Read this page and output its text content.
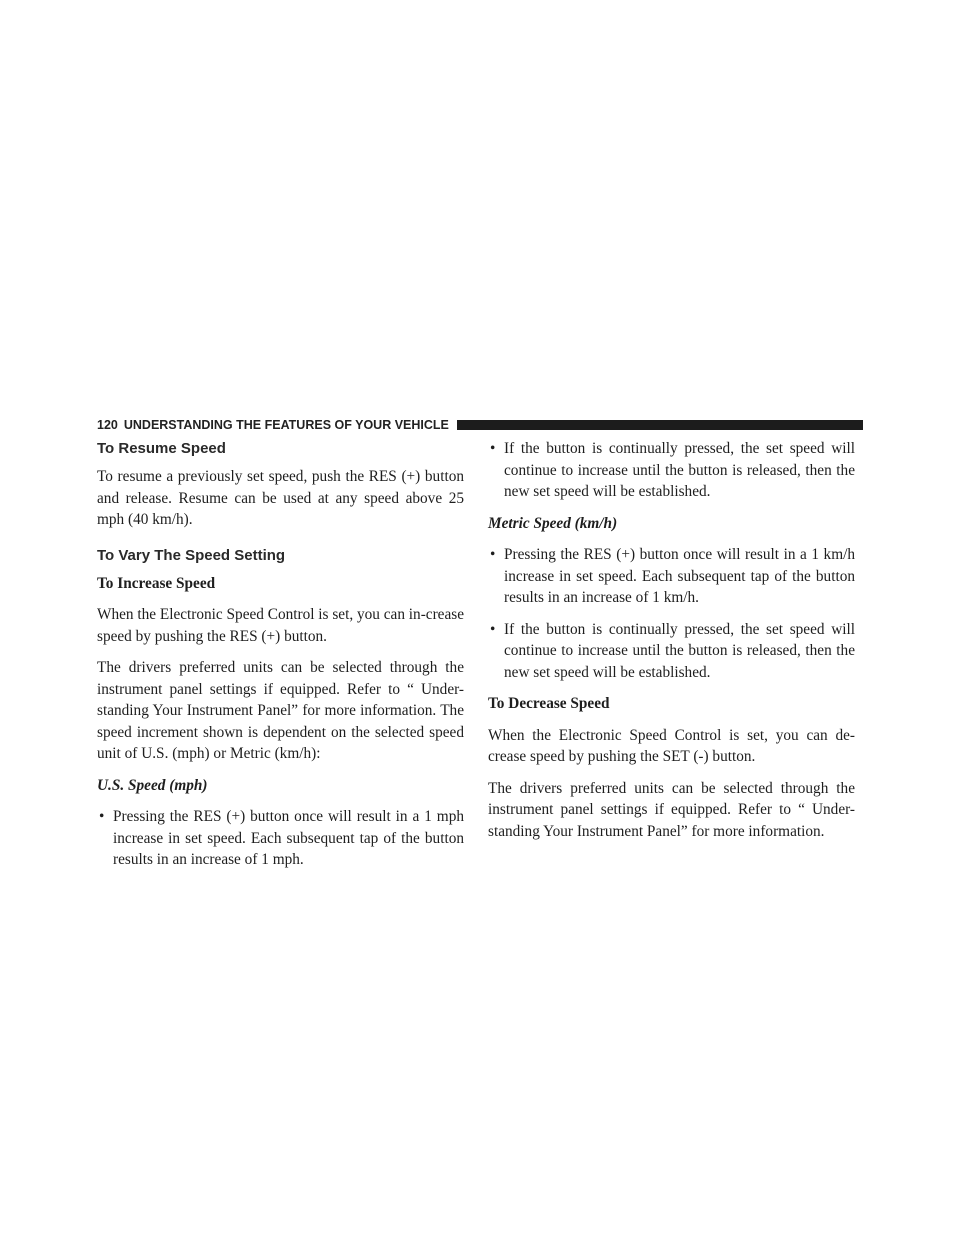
120 UNDERSTANDING THE FEATURES OF YOUR VEHICLE
To Resume Speed

To resume a previously set speed, push the RES (+) button and release. Resume can be used at any speed above 25 mph (40 km/h).

To Vary The Speed Setting
To Increase Speed

When the Electronic Speed Control is set, you can in-crease speed by pushing the RES (+) button.

The drivers preferred units can be selected through the instrument panel settings if equipped. Refer to “ Under-standing Your Instrument Panel” for more information. The speed increment shown is dependent on the selected speed unit of U.S. (mph) or Metric (km/h):

U.S. Speed (mph)
• Pressing the RES (+) button once will result in a 1 mph increase in set speed. Each subsequent tap of the button results in an increase of 1 mph.
• If the button is continually pressed, the set speed will continue to increase until the button is released, then the new set speed will be established.
Metric Speed (km/h)
• Pressing the RES (+) button once will result in a 1 km/h increase in set speed. Each subsequent tap of the button results in an increase of 1 km/h.
• If the button is continually pressed, the set speed will continue to increase until the button is released, then the new set speed will be established.
To Decrease Speed

When the Electronic Speed Control is set, you can de-crease speed by pushing the SET (-) button.

The drivers preferred units can be selected through the instrument panel settings if equipped. Refer to “ Under-standing Your Instrument Panel” for more information.
